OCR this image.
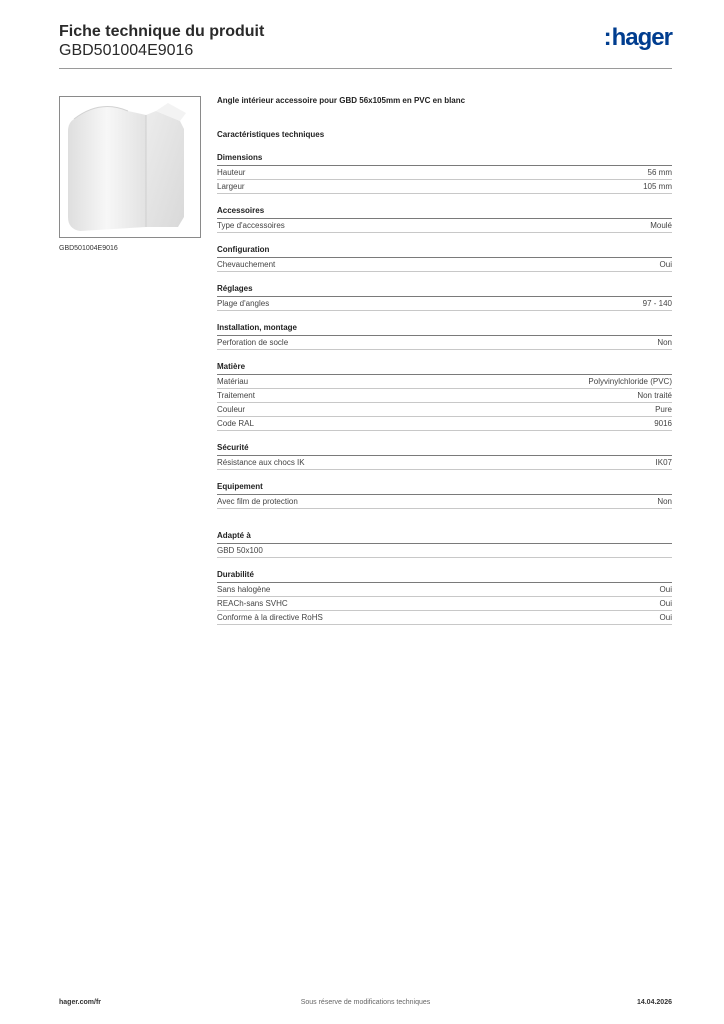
Fiche technique du produit
GBD501004E9016	:hager
GBD501004E9016
Angle intérieur accessoire pour GBD 56x105mm en PVC en blanc
Caractéristiques techniques
Dimensions
Hauteur	56 mm
Largeur	105 mm
Accessoires
Type d'accessoires	Moulé
Configuration
Chevauchement	Oui
Réglages
Plage d'angles	97 - 140
Installation, montage
Perforation de socle	Non
Matière
Matériau	Polyvinylchloride (PVC)
Traitement	Non traité
Couleur	Pure
Code RAL	9016
Sécurité
Résistance aux chocs IK	IK07
Equipement
Avec film de protection	Non
Adapté à
GBD 50x100
Durabilité
Sans halogène	Oui
REACh-sans SVHC	Oui
Conforme à la directive RoHS	Oui
hager.com/fr	Sous réserve de modifications techniques	14.04.2026
